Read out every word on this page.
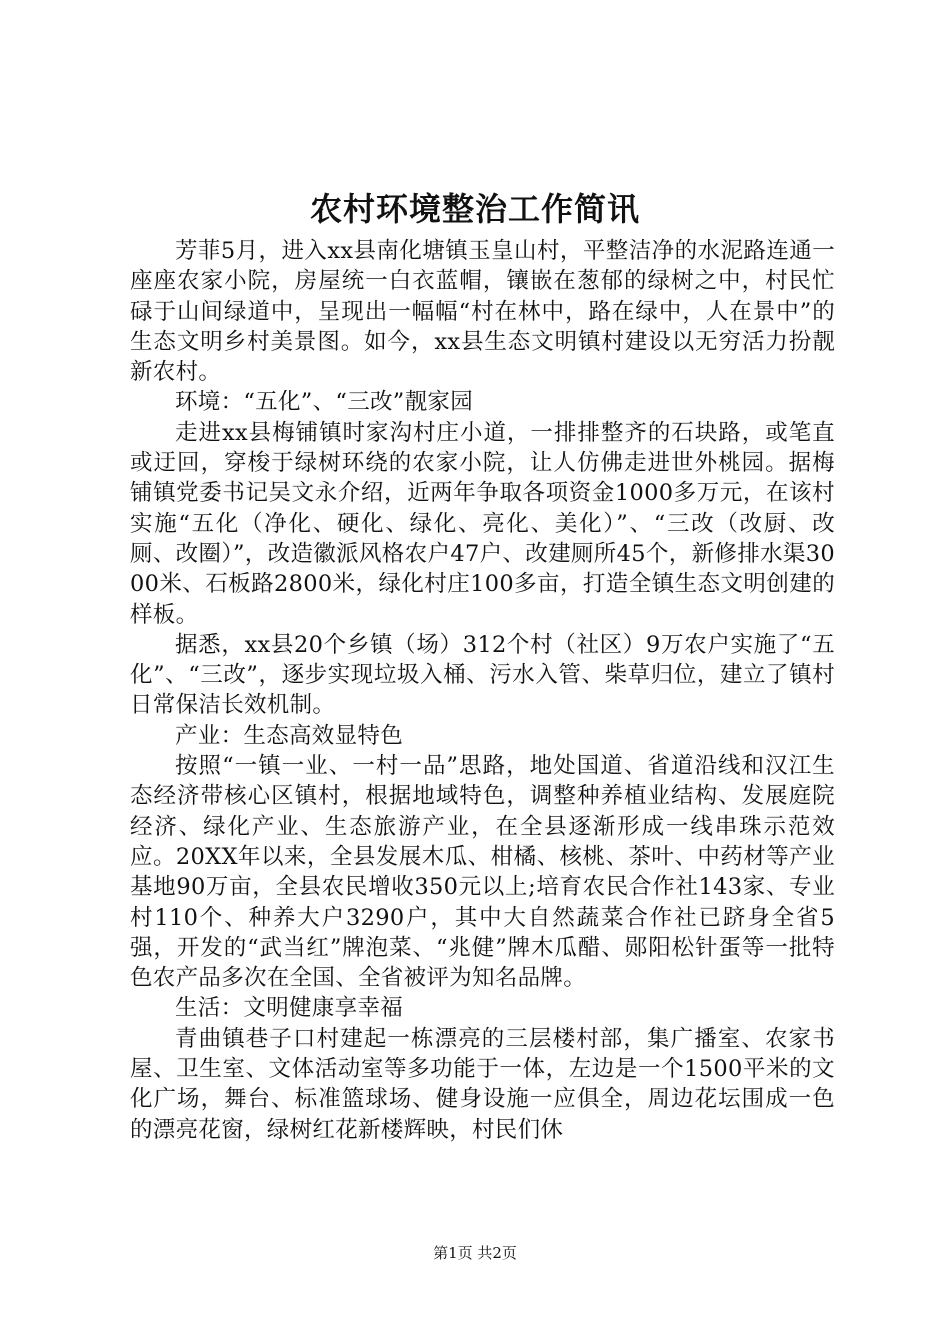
农村环境整治工作简讯

芳菲5月，进入xx县南化塘镇玉皇山村，平整洁净的水泥路连通一座座农家小院，房屋统一白衣蓝帽，镶嵌在葱郁的绿树之中，村民忙碌于山间绿道中，呈现出一幅幅“村在林中，路在绿中，人在景中”的生态文明乡村美景图。如今，xx县生态文明镇村建设以无穷活力扮靓新农村。

环境：“五化”、“三改”靓家园

走进xx县梅铺镇时家沟村庄小道，一排排整齐的石块路，或笔直或迂回，穿梭于绿树环绕的农家小院，让人仿佛走进世外桃园。据梅铺镇党委书记吴文永介绍，近两年争取各项资金1000多万元，在该村实施“五化（净化、硬化、绿化、亮化、美化）”、“三改（改厨、改厕、改圈）”，改造徽派风格农户47户、改建厕所45个，新修排水渠3000米、石板路2800米，绿化村庄100多亩，打造全镇生态文明创建的样板。

据悉，xx县20个乡镇（场）312个村（社区）9万农户实施了“五化”、“三改”，逐步实现垃圾入桶、污水入管、柴草归位，建立了镇村日常保洁长效机制。

产业：生态高效显特色

按照“一镇一业、一村一品”思路，地处国道、省道沿线和汉江生态经济带核心区镇村，根据地域特色，调整种养植业结构、发展庭院经济、绿化产业、生态旅游产业，在全县逐渐形成一线串珠示范效应。20XX年以来，全县发展木瓜、柑橘、核桃、茶叶、中药材等产业基地90万亩，全县农民增收350元以上;培育农民合作社143家、专业村110个、种养大户3290户，其中大自然蔬菜合作社已跻身全省5强，开发的“武当红”牌泡菜、“兆健”牌木瓜醋、郧阳松针蛋等一批特色农产品多次在全国、全省被评为知名品牌。

生活：文明健康享幸福

青曲镇巷子口村建起一栋漂亮的三层楼村部，集广播室、农家书屋、卫生室、文体活动室等多功能于一体，左边是一个1500平米的文化广场，舞台、标准篮球场、健身设施一应俱全，周边花坛围成一色的漂亮花窗，绿树红花新楼辉映，村民们休

第1页 共2页
